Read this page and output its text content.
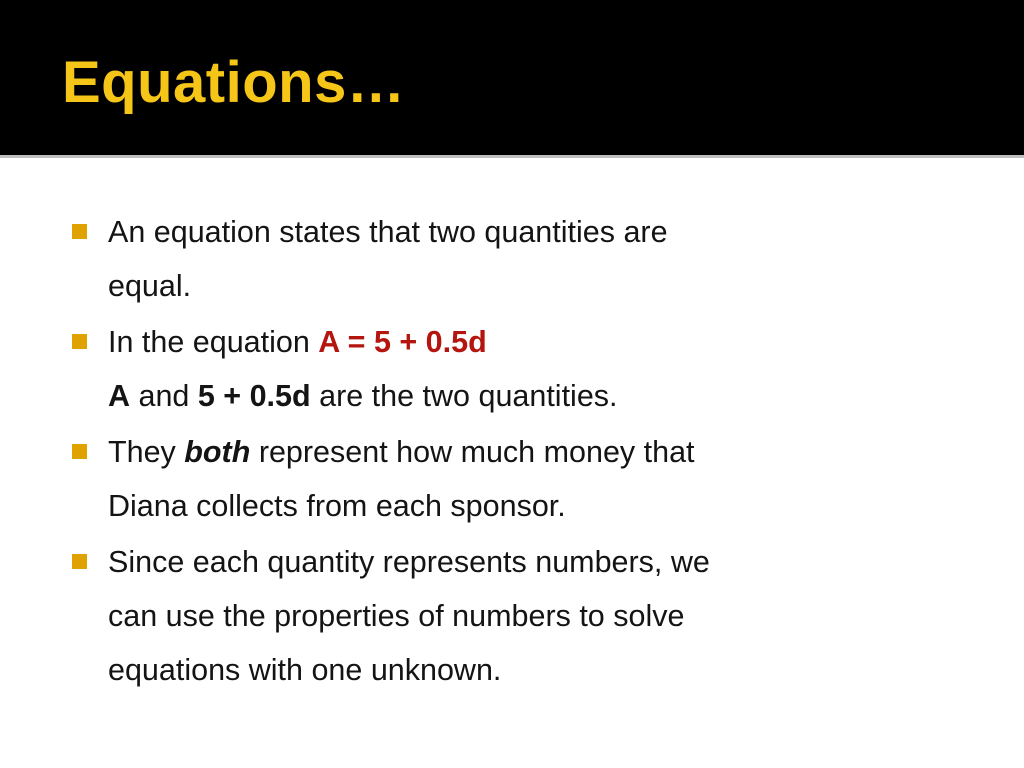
Equations…
An equation states that two quantities are
equal.
In the equation A = 5 + 0.5d
A and 5 + 0.5d are the two quantities.
They both represent how much money that
Diana collects from each sponsor.
Since each quantity represents numbers, we
can use the properties of numbers to solve
equations with one unknown.
